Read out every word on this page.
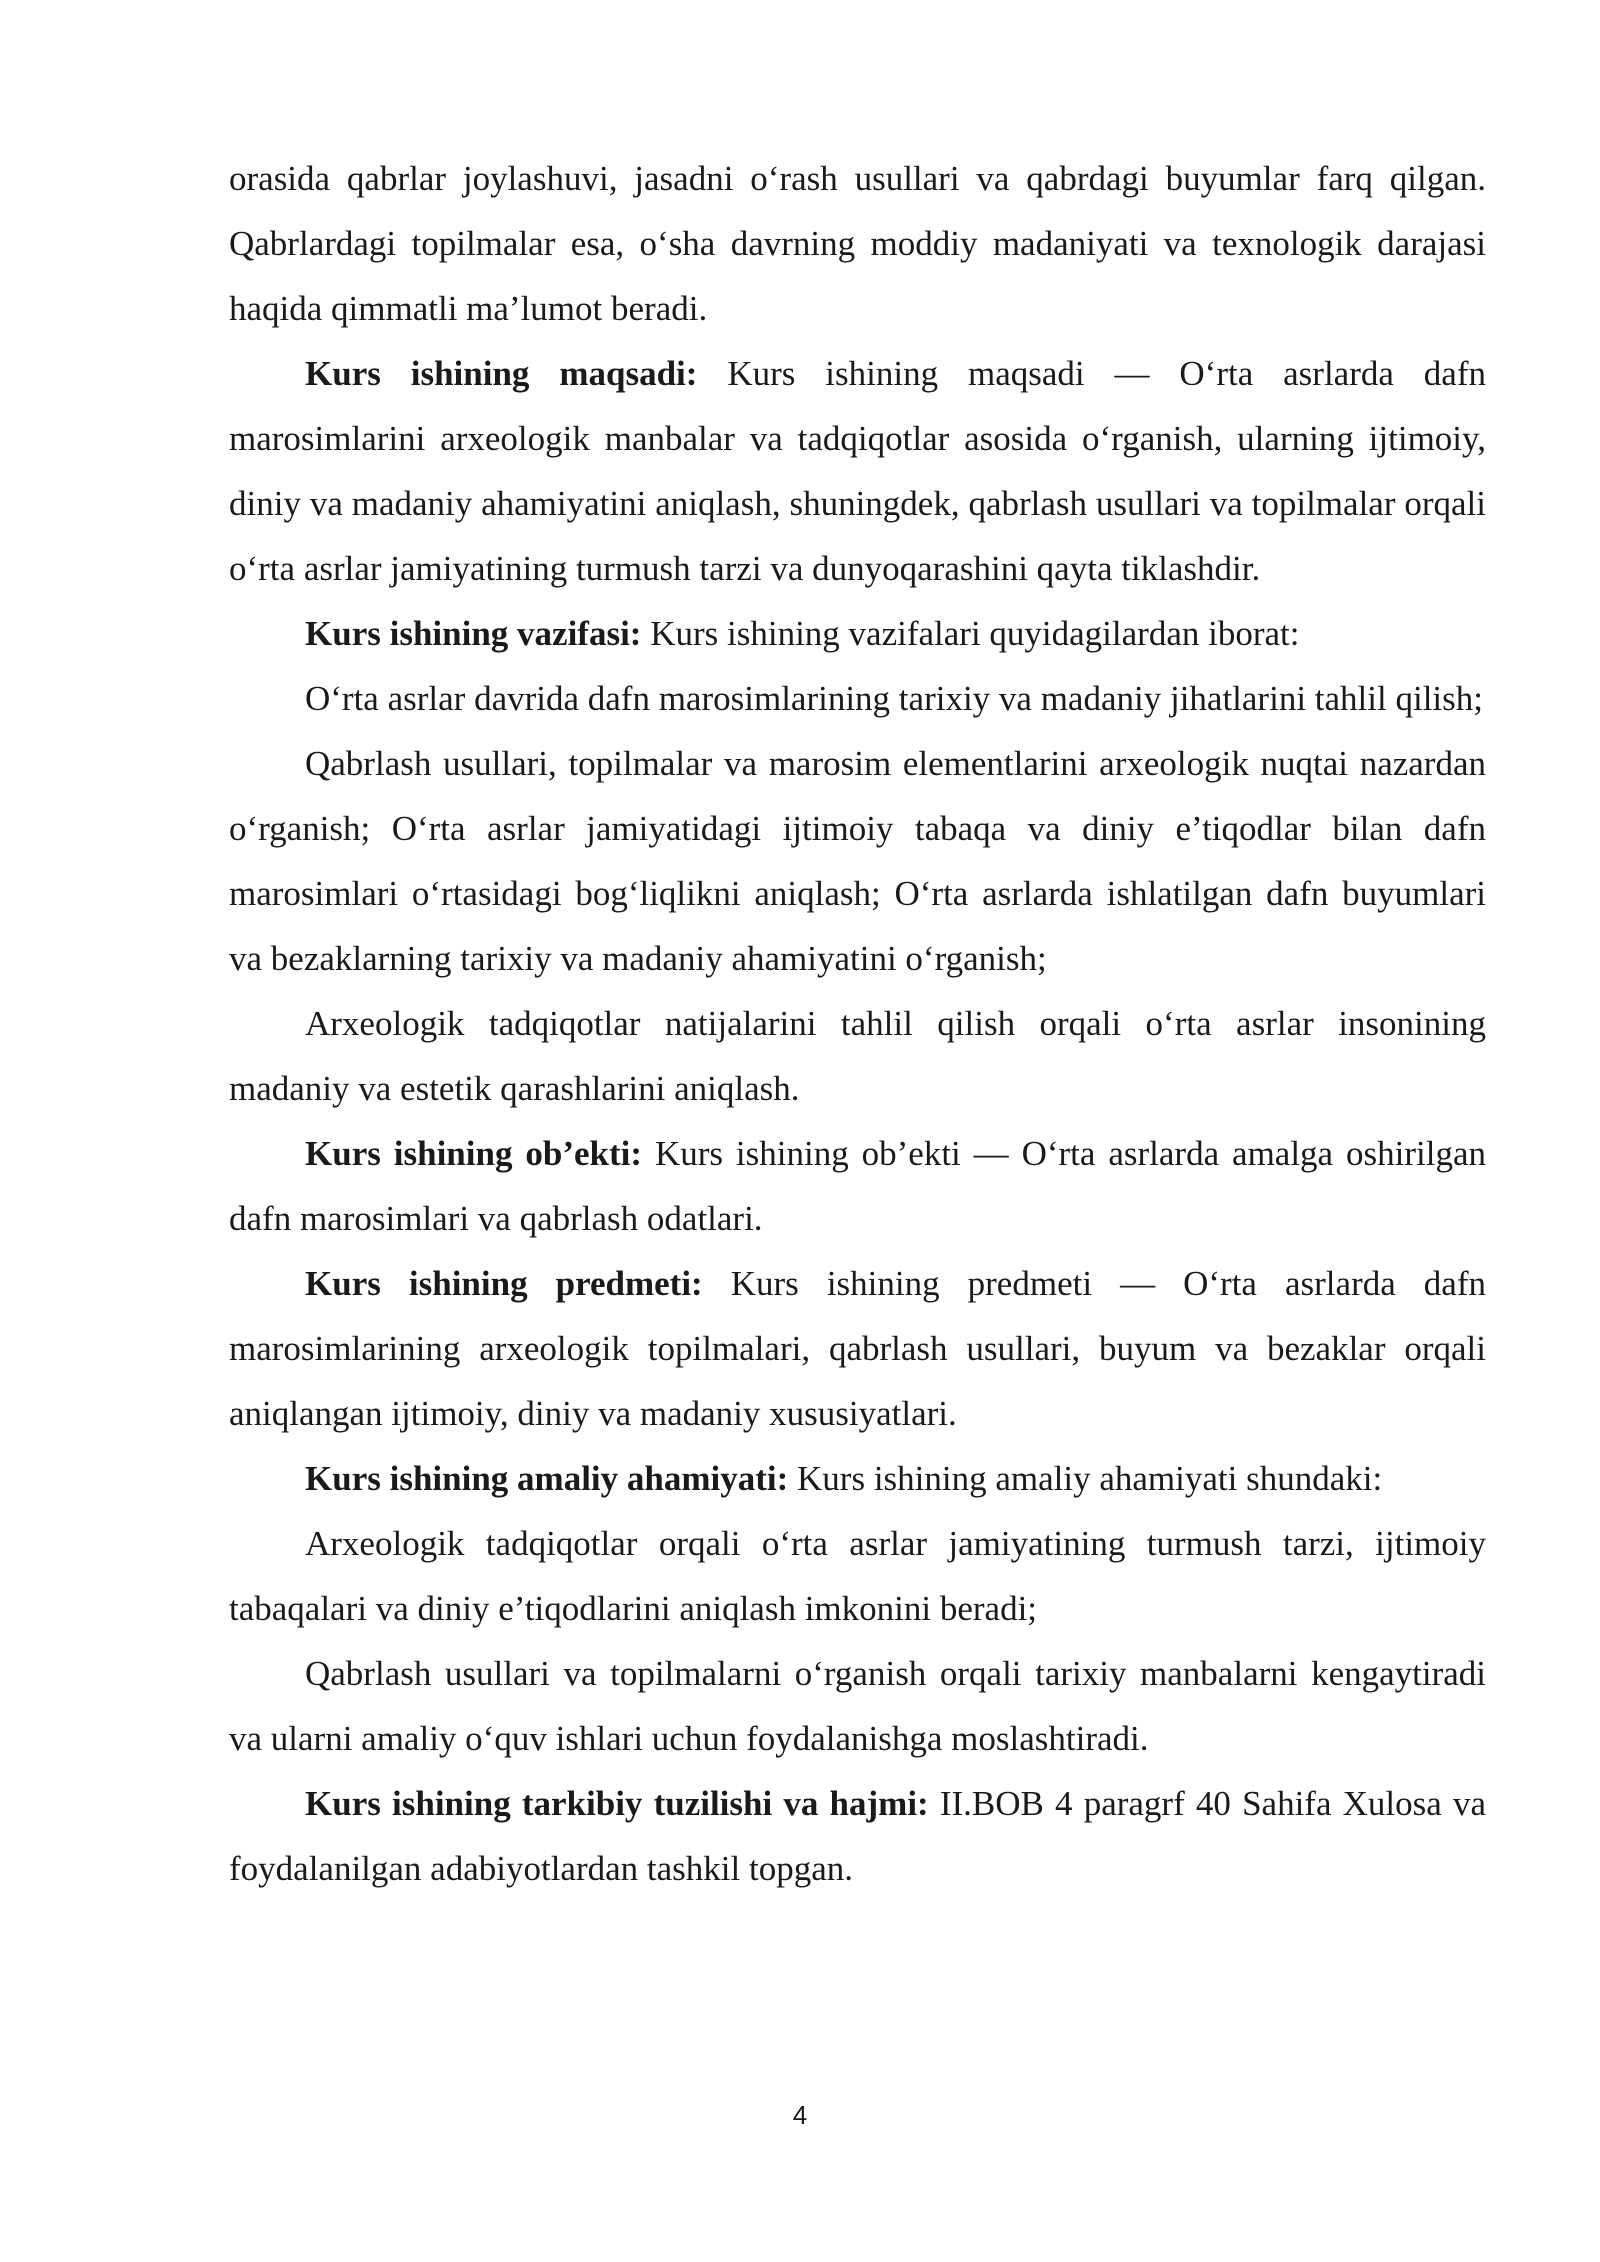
orasida qabrlar joylashuvi, jasadni o‘rash usullari va qabrdagi buyumlar farq qilgan. Qabrlardagi topilmalar esa, o‘sha davrning moddiy madaniyati va texnologik darajasi haqida qimmatli ma’lumot beradi.

Kurs ishining maqsadi: Kurs ishining maqsadi — O‘rta asrlarda dafn marosimlarini arxeologik manbalar va tadqiqotlar asosida o‘rganish, ularning ijtimoiy, diniy va madaniy ahamiyatini aniqlash, shuningdek, qabrlash usullari va topilmalar orqali o‘rta asrlar jamiyatining turmush tarzi va dunyoqarashini qayta tiklashdir.

Kurs ishining vazifasi: Kurs ishining vazifalari quyidagilardan iborat:

O‘rta asrlar davrida dafn marosimlarining tarixiy va madaniy jihatlarini tahlil qilish;

Qabrlash usullari, topilmalar va marosim elementlarini arxeologik nuqtai nazardan o‘rganish; O‘rta asrlar jamiyatidagi ijtimoiy tabaqa va diniy e’tiqodlar bilan dafn marosimlari o‘rtasidagi bog‘liqlikni aniqlash; O‘rta asrlarda ishlatilgan dafn buyumlari va bezaklarning tarixiy va madaniy ahamiyatini o‘rganish;

Arxeologik tadqiqotlar natijalarini tahlil qilish orqali o‘rta asrlar insonining madaniy va estetik qarashlarini aniqlash.

Kurs ishining ob’ekti: Kurs ishining ob’ekti — O‘rta asrlarda amalga oshirilgan dafn marosimlari va qabrlash odatlari.

Kurs ishining predmeti: Kurs ishining predmeti — O‘rta asrlarda dafn marosimlarining arxeologik topilmalari, qabrlash usullari, buyum va bezaklar orqali aniqlangan ijtimoiy, diniy va madaniy xususiyatlari.

Kurs ishining amaliy ahamiyati: Kurs ishining amaliy ahamiyati shundaki:

Arxeologik tadqiqotlar orqali o‘rta asrlar jamiyatining turmush tarzi, ijtimoiy tabaqalari va diniy e’tiqodlarini aniqlash imkonini beradi;

Qabrlash usullari va topilmalarni o‘rganish orqali tarixiy manbalarni kengaytiradi va ularni amaliy o‘quv ishlari uchun foydalanishga moslashtiradi.

Kurs ishining tarkibiy tuzilishi va hajmi: II.BOB 4 paragrf 40 Sahifa Xulosa va foydalanilgan adabiyotlardan tashkil topgan.

4
